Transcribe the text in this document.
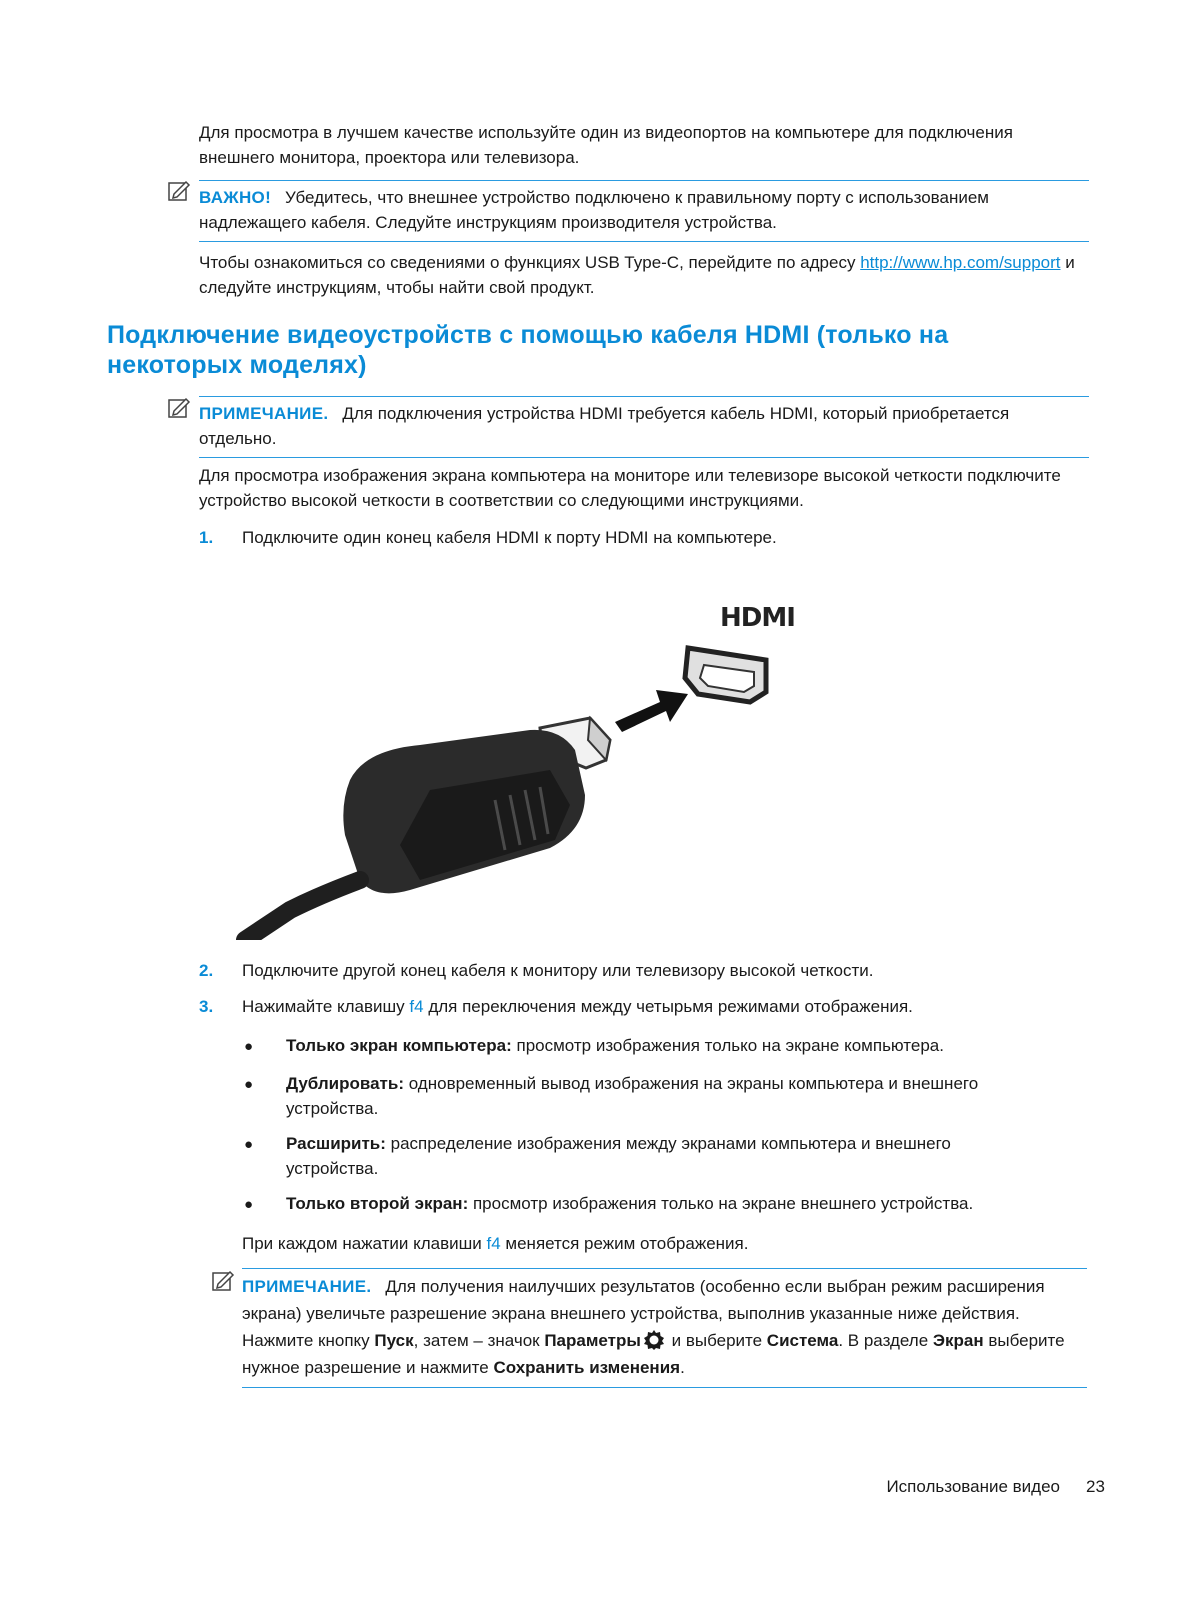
Для просмотра в лучшем качестве используйте один из видеопортов на компьютере для подключения внешнего монитора, проектора или телевизора.
ВАЖНО! Убедитесь, что внешнее устройство подключено к правильному порту с использованием надлежащего кабеля. Следуйте инструкциям производителя устройства.
Чтобы ознакомиться со сведениями о функциях USB Type-C, перейдите по адресу http://www.hp.com/support и следуйте инструкциям, чтобы найти свой продукт.
Подключение видеоустройств с помощью кабеля HDMI (только на некоторых моделях)
ПРИМЕЧАНИЕ. Для подключения устройства HDMI требуется кабель HDMI, который приобретается отдельно.
Для просмотра изображения экрана компьютера на мониторе или телевизоре высокой четкости подключите устройство высокой четкости в соответствии со следующими инструкциями.
1. Подключите один конец кабеля HDMI к порту HDMI на компьютере.
HDMI
2. Подключите другой конец кабеля к монитору или телевизору высокой четкости.
3. Нажимайте клавишу f4 для переключения между четырьмя режимами отображения.
● Только экран компьютера: просмотр изображения только на экране компьютера.
● Дублировать: одновременный вывод изображения на экраны компьютера и внешнего устройства.
● Расширить: распределение изображения между экранами компьютера и внешнего устройства.
● Только второй экран: просмотр изображения только на экране внешнего устройства.
При каждом нажатии клавиши f4 меняется режим отображения.
ПРИМЕЧАНИЕ. Для получения наилучших результатов (особенно если выбран режим расширения экрана) увеличьте разрешение экрана внешнего устройства, выполнив указанные ниже действия. Нажмите кнопку Пуск, затем – значок Параметры и выберите Система. В разделе Экран выберите нужное разрешение и нажмите Сохранить изменения.
Использование видео 23
